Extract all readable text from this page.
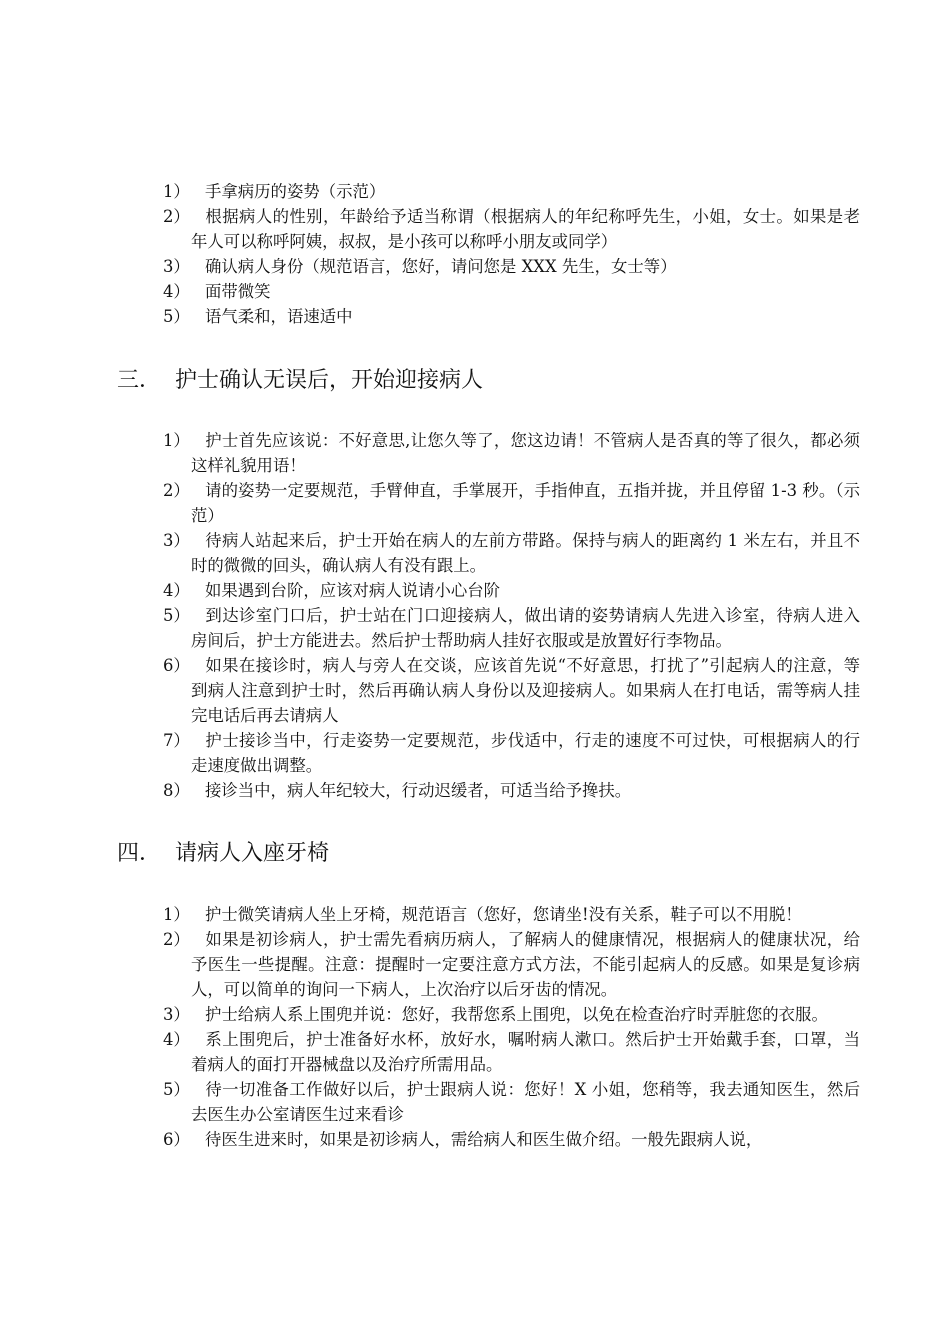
1） 手拿病历的姿势（示范）
2） 根据病人的性别，年龄给予适当称谓（根据病人的年纪称呼先生，小姐，女士。如果是老年人可以称呼阿姨，叔叔，是小孩可以称呼小朋友或同学）
3） 确认病人身份（规范语言，您好，请问您是 XXX 先生，女士等）
4） 面带微笑
5） 语气柔和，语速适中
三． 护士确认无误后，开始迎接病人
1） 护士首先应该说：不好意思,让您久等了，您这边请！不管病人是否真的等了很久，都必须这样礼貌用语！
2） 请的姿势一定要规范，手臂伸直，手掌展开，手指伸直，五指并拢，并且停留 1-3 秒。（示范）
3） 待病人站起来后，护士开始在病人的左前方带路。保持与病人的距离约 1 米左右，并且不时的微微的回头，确认病人有没有跟上。
4） 如果遇到台阶，应该对病人说请小心台阶
5） 到达诊室门口后，护士站在门口迎接病人，做出请的姿势请病人先进入诊室，待病人进入房间后，护士方能进去。然后护士帮助病人挂好衣服或是放置好行李物品。
6） 如果在接诊时，病人与旁人在交谈，应该首先说“不好意思，打扰了”引起病人的注意，等到病人注意到护士时，然后再确认病人身份以及迎接病人。如果病人在打电话，需等病人挂完电话后再去请病人
7） 护士接诊当中，行走姿势一定要规范，步伐适中，行走的速度不可过快，可根据病人的行走速度做出调整。
8） 接诊当中，病人年纪较大，行动迟缓者，可适当给予搀扶。
四． 请病人入座牙椅
1） 护士微笑请病人坐上牙椅，规范语言（您好，您请坐!没有关系，鞋子可以不用脱！
2） 如果是初诊病人，护士需先看病历病人，了解病人的健康情况，根据病人的健康状况，给予医生一些提醒。注意：提醒时一定要注意方式方法，不能引起病人的反感。如果是复诊病人，可以简单的询问一下病人，上次治疗以后牙齿的情况。
3） 护士给病人系上围兜并说：您好，我帮您系上围兜，以免在检查治疗时弄脏您的衣服。
4） 系上围兜后，护士准备好水杯，放好水，嘱咐病人漱口。然后护士开始戴手套，口罩，当着病人的面打开器械盘以及治疗所需用品。
5） 待一切准备工作做好以后，护士跟病人说：您好！X 小姐，您稍等，我去通知医生，然后去医生办公室请医生过来看诊
6） 待医生进来时，如果是初诊病人，需给病人和医生做介绍。一般先跟病人说，
